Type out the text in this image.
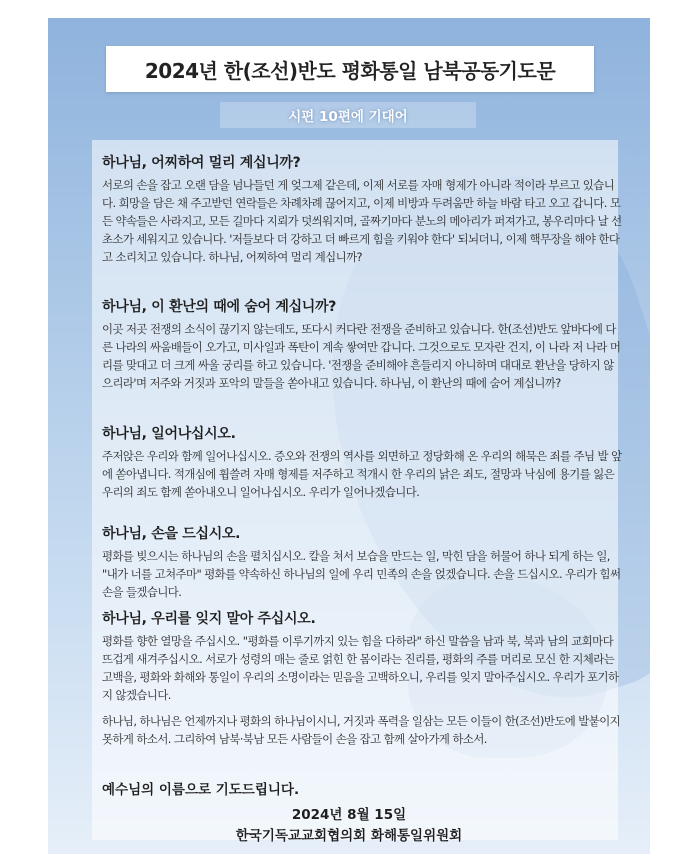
2024년 한(조선)반도 평화통일 남북공동기도문
시편 10편에 기대어

하나님, 어찌하여 멀리 계십니까?

서로의 손을 잡고 오랜 담을 넘나들던 게 엊그제 같은데, 이제 서로를 자매 형제가 아니라 적이라 부르고 있습니다. 희망을 담은 채 주고받던 연락들은 차례차례 끊어지고, 이제 비방과 두려움만 하늘 바람 타고 오고 갑니다. 모든 약속들은 사라지고, 모든 길마다 지뢰가 덧씌워지며, 골짜기마다 분노의 메아리가 퍼져가고, 봉우리마다 날 선 초소가 세워지고 있습니다. '저들보다 더 강하고 더 빠르게 힘을 키워야 한다' 되뇌더니, 이제 핵무장을 해야 한다고 소리치고 있습니다. 하나님, 어찌하여 멀리 계십니까?

하나님, 이 환난의 때에 숨어 계십니까?

이곳 저곳 전쟁의 소식이 끊기지 않는데도, 또다시 커다란 전쟁을 준비하고 있습니다. 한(조선)반도 앞바다에 다른 나라의 싸움배들이 오가고, 미사일과 폭탄이 계속 쌓여만 갑니다. 그것으로도 모자란 건지, 이 나라 저 나라 머리를 맞대고 더 크게 싸울 궁리를 하고 있습니다. '전쟁을 준비해야 흔들리지 아니하며 대대로 환난을 당하지 않으리라'며 저주와 거짓과 포악의 말들을 쏟아내고 있습니다. 하나님, 이 환난의 때에 숨어 계십니까?

하나님, 일어나십시오.

주저앉은 우리와 함께 일어나십시오. 증오와 전쟁의 역사를 외면하고 정당화해 온 우리의 해묵은 죄를 주님 발 앞에 쏟아냅니다. 적개심에 휩쓸려 자매 형제를 저주하고 적개시 한 우리의 낡은 죄도, 절망과 낙심에 용기를 잃은 우리의 죄도 함께 쏟아내오니 일어나십시오. 우리가 일어나겠습니다.

하나님, 손을 드십시오.

평화를 빚으시는 하나님의 손을 펼치십시오. 칼을 쳐서 보습을 만드는 일, 막힌 담을 허물어 하나 되게 하는 일, "내가 너를 고쳐주마" 평화를 약속하신 하나님의 일에 우리 민족의 손을 얹겠습니다. 손을 드십시오. 우리가 힘써 손을 들겠습니다.

하나님, 우리를 잊지 말아 주십시오.

평화를 향한 열망을 주십시오. "평화를 이루기까지 있는 힘을 다하라" 하신 말씀을 남과 북, 북과 남의 교회마다 뜨겁게 새겨주십시오. 서로가 성령의 매는 줄로 얽힌 한 몸이라는 진리를, 평화의 주를 머리로 모신 한 지체라는 고백을, 평화와 화해와 통일이 우리의 소명이라는 믿음을 고백하오니, 우리를 잊지 말아주십시오. 우리가 포기하지 않겠습니다.

하나님, 하나님은 언제까지나 평화의 하나님이시니, 거짓과 폭력을 일삼는 모든 이들이 한(조선)반도에 발붙이지 못하게 하소서. 그리하여 남북·북남 모든 사람들이 손을 잡고 함께 살아가게 하소서.

예수님의 이름으로 기도드립니다.
2024년 8월 15일
한국기독교교회협의회 화해통일위원회
